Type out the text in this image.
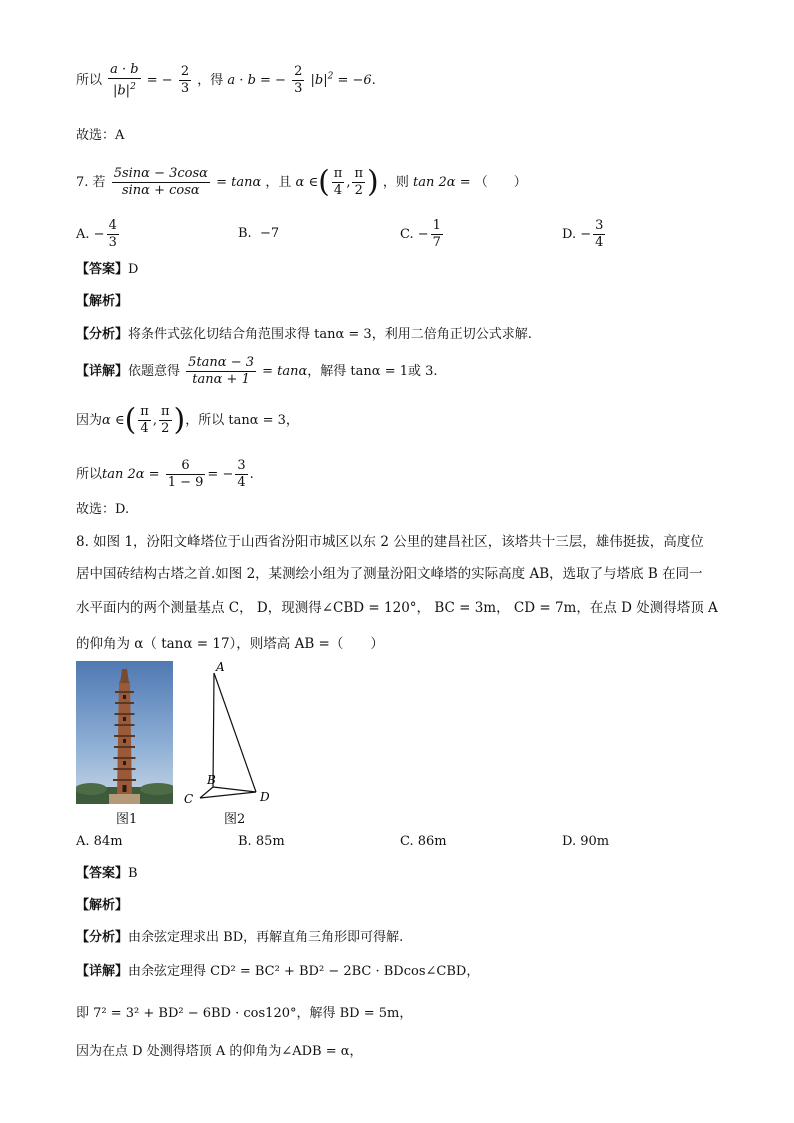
所以 $\frac{a \cdot b}{|b|^2}$ = − $\frac{2}{3}$ ，得 a · b = − $\frac{2}{3} |b|^2 = -6$.
故选：A
7. 若 $\frac{5\sin\alpha - 3\cos\alpha}{\sin\alpha + \cos\alpha} = \tan\alpha$ ，且 α ∈( $\frac{\pi}{4}$ , $\frac{\pi}{2}$ ) ，则 tan 2α = （　　）
A. − $\frac{4}{3}$	B. −7	C. − $\frac{1}{7}$	D. − $\frac{3}{4}$
【答案】D
【解析】
【分析】将条件式弦化切结合角范围求得 tanα = 3，利用二倍角正切公式求解.
【详解】依题意得 $\frac{5\tan\alpha - 3}{\tan\alpha + 1} = \tan\alpha$，解得 tanα = 1或 3.
因为α ∈( $\frac{\pi}{4}$ , $\frac{\pi}{2}$ )，所以 tanα = 3，
所以$\tan 2\alpha = \frac{6}{1 - 9}$ = − $\frac{3}{4}$ .
故选：D.
8. 如图 1，汾阳文峰塔位于山西省汾阳市城区以东 2 公里的建昌社区，该塔共十三层，雄伟挺拔，高度位
居中国砖结构古塔之首.如图 2，某测绘小组为了测量汾阳文峰塔的实际高度 AB，选取了与塔底 B 在同一
水平面内的两个测量基点 C， D，现测得∠CBD = 120°， BC = 3m， CD = 7m，在点 D 处测得塔顶 A
的仰角为 α（ tanα = 17），则塔高 AB =（　　）
图1
A
B
C	D
图2
A. 84m	B. 85m	C. 86m	D. 90m
【答案】B
【解析】
【分析】由余弦定理求出 BD，再解直角三角形即可得解.
【详解】由余弦定理得 CD² = BC² + BD² − 2BC · BDcos∠CBD，
即 7² = 3² + BD² − 6BD · cos120°，解得 BD = 5m，
因为在点 D 处测得塔顶 A 的仰角为∠ADB = α，
